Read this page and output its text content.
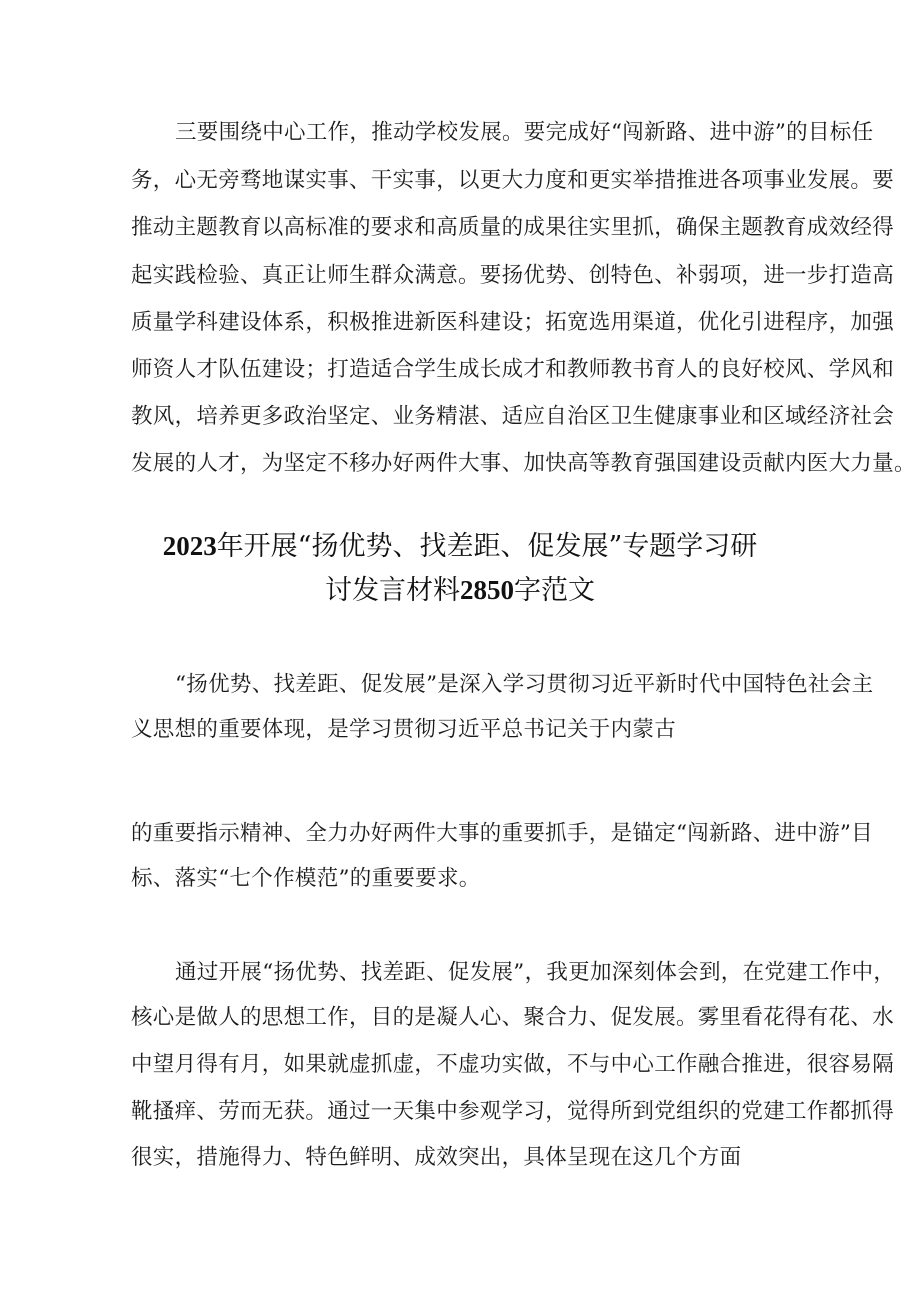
三要围绕中心工作，推动学校发展。要完成好“闯新路、进中游”的目标任
务，心无旁骛地谋实事、干实事，以更大力度和更实举措推进各项事业发展。要
推动主题教育以高标准的要求和高质量的成果往实里抓，确保主题教育成效经得
起实践检验、真正让师生群众满意。要扬优势、创特色、补弱项，进一步打造高
质量学科建设体系，积极推进新医科建设；拓宽选用渠道，优化引进程序，加强
师资人才队伍建设；打造适合学生成长成才和教师教书育人的良好校风、学风和
教风，培养更多政治坚定、业务精湛、适应自治区卫生健康事业和区域经济社会
发展的人才，为坚定不移办好两件大事、加快高等教育强国建设贡献内医大力量。
2023年开展“扬优势、找差距、促发展”专题学习研
讨发言材料2850字范文
“扬优势、找差距、促发展”是深入学习贯彻习近平新时代中国特色社会主
义思想的重要体现，是学习贯彻习近平总书记关于内蒙古
的重要指示精神、全力办好两件大事的重要抓手，是锚定“闯新路、进中游”目
标、落实“七个作模范”的重要要求。
通过开展“扬优势、找差距、促发展”，我更加深刻体会到，在党建工作中，
核心是做人的思想工作，目的是凝人心、聚合力、促发展。雾里看花得有花、水
中望月得有月，如果就虚抓虚，不虚功实做，不与中心工作融合推进，很容易隔
靴搔痒、劳而无获。通过一天集中参观学习，觉得所到党组织的党建工作都抓得
很实，措施得力、特色鲜明、成效突出，具体呈现在这几个方面
